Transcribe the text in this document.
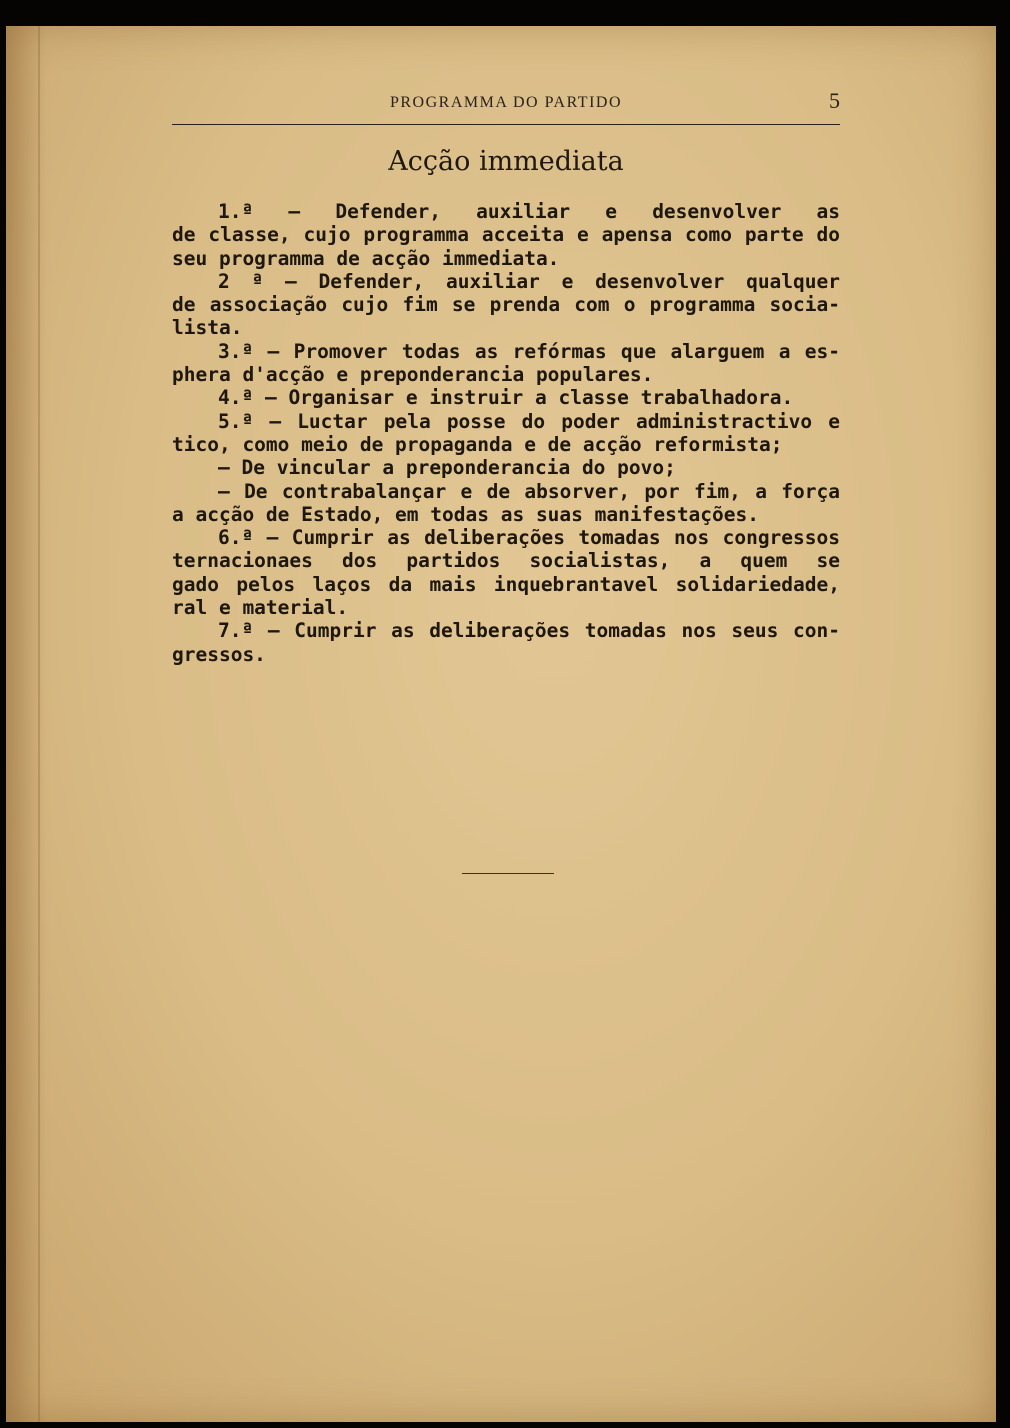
PROGRAMMA DO PARTIDO	5
Acção immediata
1.ª — Defender, auxiliar e desenvolver as
de classe, cujo programma acceita e apensa como parte do
seu programma de acção immediata.
2 ª — Defender, auxiliar e desenvolver qualquer
de associação cujo fim se prenda com o programma socia-
lista.
3.ª — Promover todas as refórmas que alarguem a es-
phera d'acção e preponderancia populares.
4.ª — Organisar e instruir a classe trabalhadora.
5.ª — Luctar pela posse do poder administractivo e
tico, como meio de propaganda e de acção reformista;
— De vincular a preponderancia do povo;
— De contrabalançar e de absorver, por fim, a força
a acção de Estado, em todas as suas manifestações.
6.ª — Cumprir as deliberações tomadas nos congressos
ternacionaes dos partidos socialistas, a quem se
gado pelos laços da mais inquebrantavel solidariedade,
ral e material.
7.ª — Cumprir as deliberações tomadas nos seus con-
gressos.
